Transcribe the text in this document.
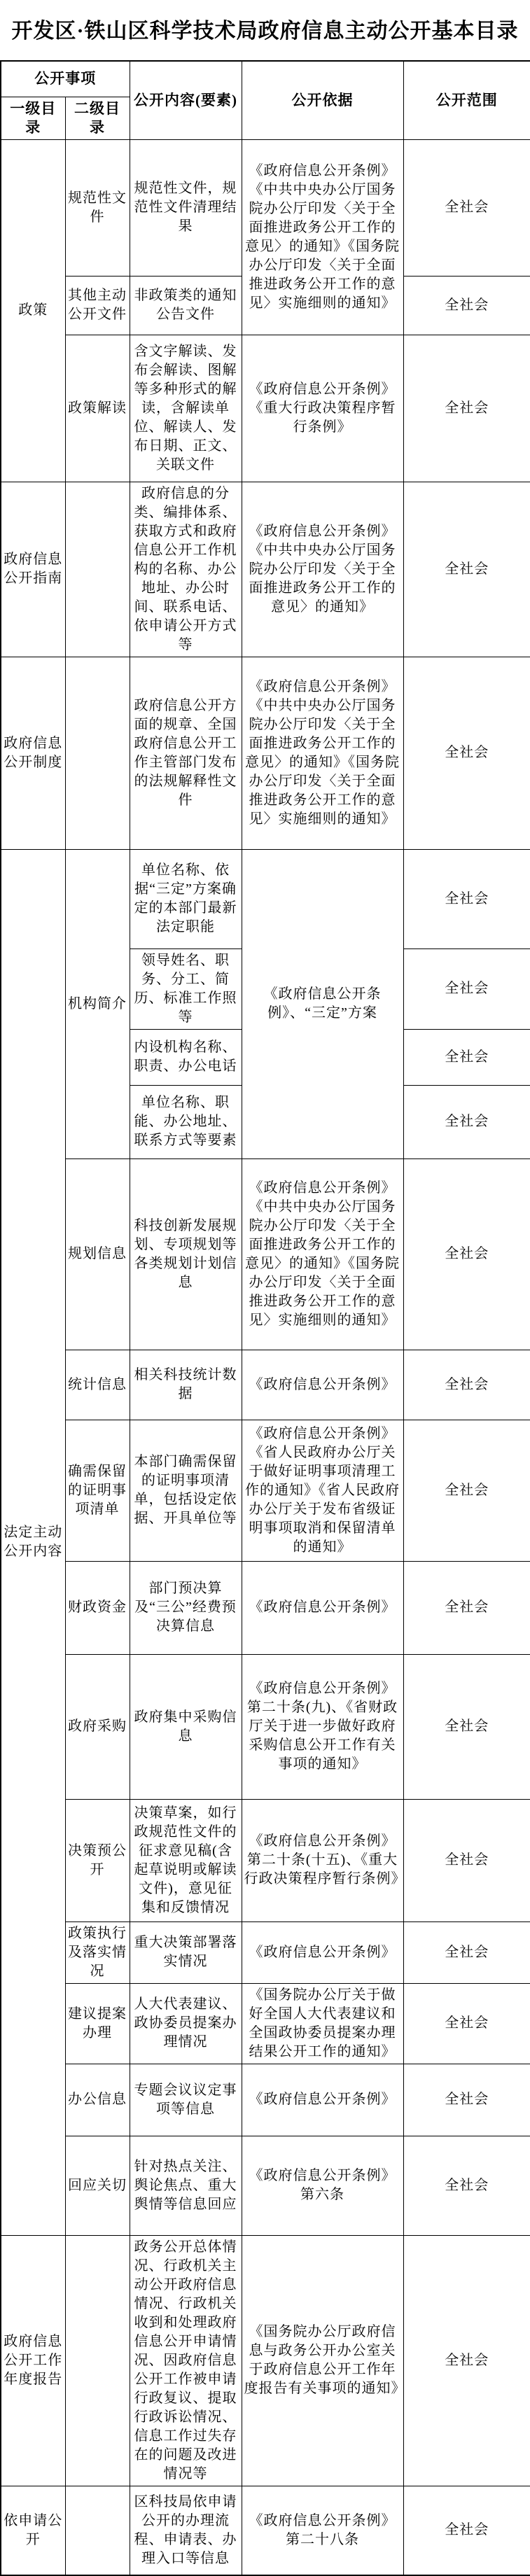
开发区·铁山区科学技术局政府信息主动公开基本目录
公开事项		公开内容(要素)	公开依据	公开范围
一级目录	二级目录			
政策	规范性文件	规范性文件，规范性文件清理结果	《政府信息公开条例》《中共中央办公厅国务院办公厅印发〈关于全面推进政务公开工作的意见〉的通知》《国务院办公厅印发〈关于全面推进政务公开工作的意见〉实施细则的通知》	全社会
	其他主动公开文件	非政策类的通知公告文件		全社会
	政策解读	含文字解读、发布会解读、图解等多种形式的解读，含解读单位、解读人、发布日期、正文、关联文件	《政府信息公开条例》《重大行政决策程序暂行条例》	全社会
政府信息公开指南		政府信息的分类、编排体系、获取方式和政府信息公开工作机构的名称、办公地址、办公时间、联系电话、依申请公开方式等	《政府信息公开条例》《中共中央办公厅国务院办公厅印发〈关于全面推进政务公开工作的意见〉的通知》	全社会
政府信息公开制度		政府信息公开方面的规章、全国政府信息公开工作主管部门发布的法规解释性文件	《政府信息公开条例》《中共中央办公厅国务院办公厅印发〈关于全面推进政务公开工作的意见〉的通知》《国务院办公厅印发〈关于全面推进政务公开工作的意见〉实施细则的通知》	全社会
法定主动公开内容	机构简介	单位名称、依据“三定”方案确定的本部门最新法定职能	《政府信息公开条例》、“三定”方案	全社会
		领导姓名、职务、分工、简历、标准工作照等		全社会
		内设机构名称、职责、办公电话		全社会
		单位名称、职能、办公地址、联系方式等要素		全社会
	规划信息	科技创新发展规划、专项规划等各类规划计划信息	《政府信息公开条例》《中共中央办公厅国务院办公厅印发〈关于全面推进政务公开工作的意见〉的通知》《国务院办公厅印发〈关于全面推进政务公开工作的意见〉实施细则的通知》	全社会
	统计信息	相关科技统计数据	《政府信息公开条例》	全社会
	确需保留的证明事项清单	本部门确需保留的证明事项清单，包括设定依据、开具单位等	《政府信息公开条例》《省人民政府办公厅关于做好证明事项清理工作的通知》《省人民政府办公厅关于发布省级证明事项取消和保留清单的通知》	全社会
	财政资金	部门预决算及“三公”经费预决算信息	《政府信息公开条例》	全社会
	政府采购	政府集中采购信息	《政府信息公开条例》第二十条(九)、《省财政厅关于进一步做好政府采购信息公开工作有关事项的通知》	全社会
	决策预公开	决策草案，如行政规范性文件的征求意见稿(含起草说明或解读文件)，意见征集和反馈情况	《政府信息公开条例》第二十条(十五)、《重大行政决策程序暂行条例》	全社会
	政策执行及落实情况	重大决策部署落实情况	《政府信息公开条例》	全社会
	建议提案办理	人大代表建议、政协委员提案办理情况	《国务院办公厅关于做好全国人大代表建议和全国政协委员提案办理结果公开工作的通知》	全社会
	办公信息	专题会议议定事项等信息	《政府信息公开条例》	全社会
	回应关切	针对热点关注、舆论焦点、重大舆情等信息回应	《政府信息公开条例》第六条	全社会
政府信息公开工作年度报告		政务公开总体情况、行政机关主动公开政府信息情况、行政机关收到和处理政府信息公开申请情况、因政府信息公开工作被申请行政复议、提取行政诉讼情况、信息工作过失存在的问题及改进情况等	《国务院办公厅政府信息与政务公开办公室关于政府信息公开工作年度报告有关事项的通知》	全社会
依申请公开		区科技局依申请公开的办理流程、申请表、办理入口等信息	《政府信息公开条例》第二十八条	全社会
